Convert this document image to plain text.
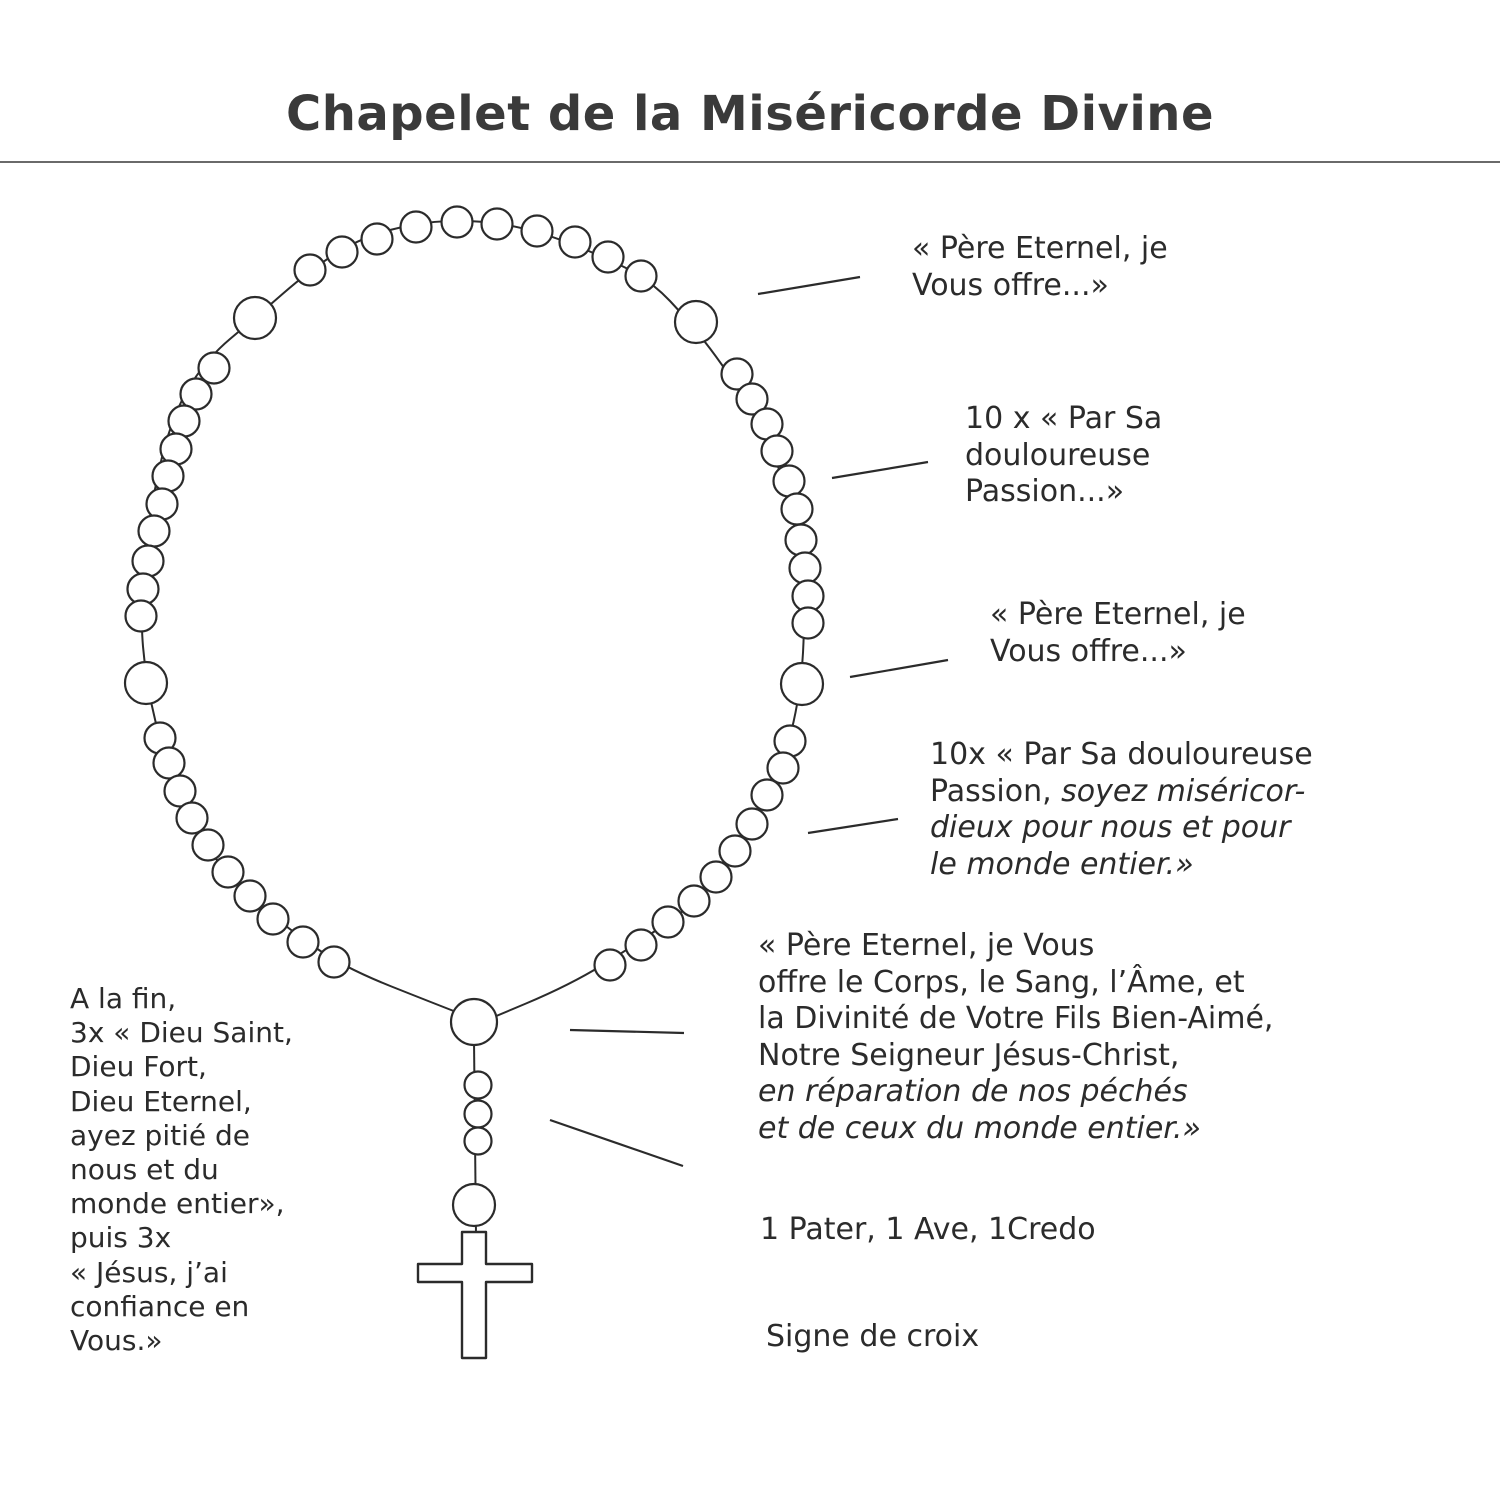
Chapelet de la Miséricorde Divine
« Père Eternel, je
Vous offre...»
10 x « Par Sa
douloureuse
Passion...»
« Père Eternel, je
Vous offre...»
10x « Par Sa douloureuse
Passion, soyez miséricor-
dieux pour nous et pour
le monde entier.»
« Père Eternel, je Vous
offre le Corps, le Sang, l’Âme, et
la Divinité de Votre Fils Bien-Aimé,
Notre Seigneur Jésus-Christ,
en réparation de nos péchés
et de ceux du monde entier.»
1 Pater, 1 Ave, 1Credo
Signe de croix
A la fin,
3x « Dieu Saint,
Dieu Fort,
Dieu Eternel,
ayez pitié de
nous et du
monde entier»,
puis 3x
« Jésus, j’ai
confiance en
Vous.»
